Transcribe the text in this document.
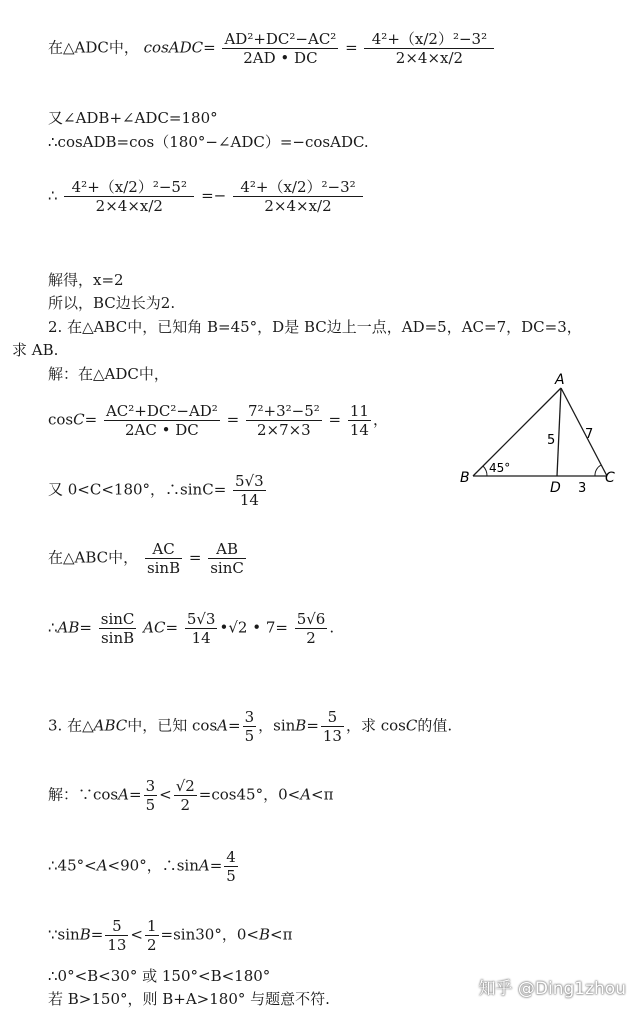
在△ADC中， cosADC= $\frac{\text{AD²+DC²−AC²}}{2AD • DC} = \frac{\text{4²+（x/2）²−3²}}{2\times 4\times x/2}$
又∠ADB+∠ADC=180°
∴cosADB=cos（180°−∠ADC）=−cosADC.
∴ $\frac{\text{4²+（x/2）²−5²}}{2\times 4\times x/2} =- \frac{\text{4²+（x/2）²−3²}}{2\times 4\times x/2}$
解得，x=2
所以，BC边长为2.
2. 在△ABC中，已知角 B=45°，D是 BC边上一点，AD=5，AC=7，DC=3，
求 AB.
解：在△ADC中，
$\cos C= \frac{\text{AC²+DC²−AD²}}{2AC • DC} = \frac{\text{7²+3²−5²}}{2\times 7\times 3} = \frac{11}{14}$ ，
又 0<C<180°，∴sinC= $\frac{5√3}{14}$
在△ABC中， $\frac{AC}{\sin B} = \frac{AB}{\sin C}$
∴AB= $\frac{\sin C}{\sin B} AC= \frac{5√3}{14}$ •√2 • $7= \frac{5√6}{2}$ .
A
B	C
D
5 7
3
45°
3. 在△ABC中，已知 $\cos A= \frac{3}{5}$ ，$\sin B= \frac{5}{13}$ ，求 cosC的值.
解：∵cosA= $\frac{3}{5} < \frac{√2}{2} =\cos 45^\circ$，0<A<π
∴45°<A<90°，∴sinA= $\frac{4}{5}$
∵sinB= $\frac{5}{13} < \frac{1}{2} =\sin 30^\circ$，0<B<π
∴0°<B<30° 或 150°<B<180°
若 B>150°，则 B+A>180° 与题意不符.	知乎 @Ding1zhou
